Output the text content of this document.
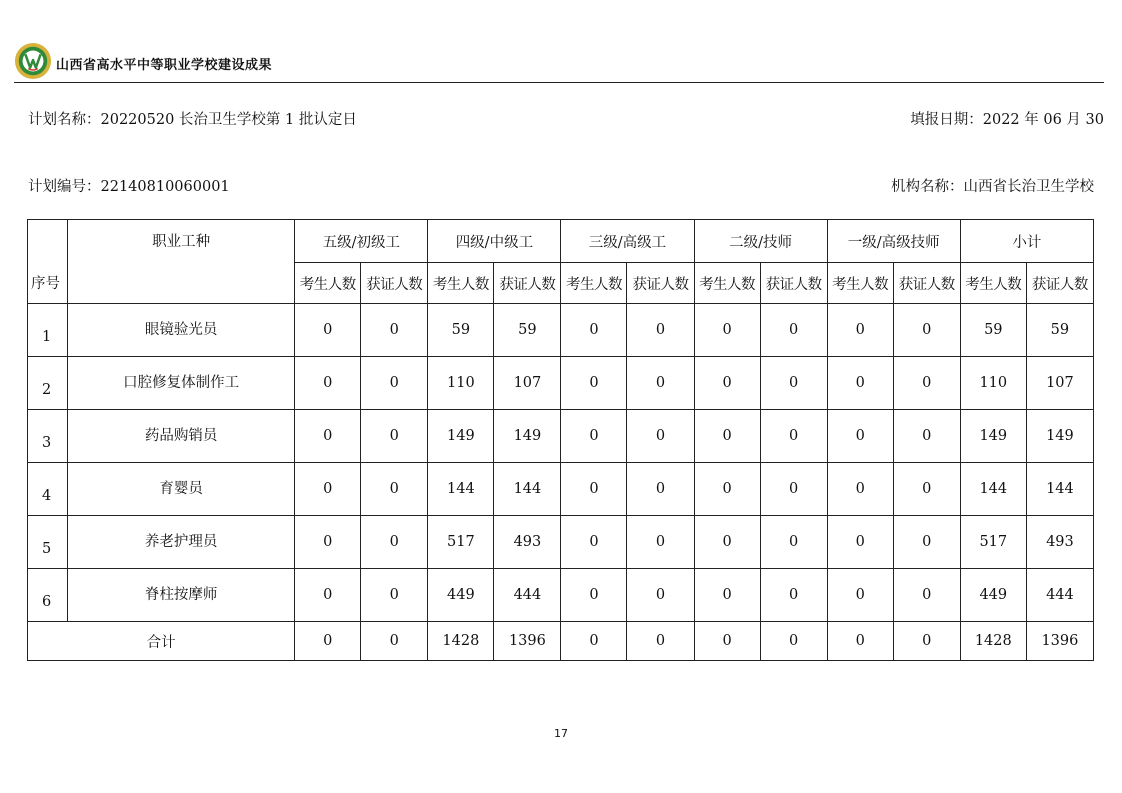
山西省高水平中等职业学校建设成果
计划名称：20220520 长治卫生学校第 1 批认定日	填报日期：2022 年 06 月 30
计划编号：22140810060001	机构名称：山西省长治卫生学校
序号	职业工种	五级/初级工		四级/中级工		三级/高级工		二级/技师		一级/高级技师		小计	
		考生人数	获证人数	考生人数	获证人数	考生人数	获证人数	考生人数	获证人数	考生人数	获证人数	考生人数	获证人数
1	眼镜验光员	0	0	59	59	0	0	0	0	0	0	59	59
2	口腔修复体制作工	0	0	110	107	0	0	0	0	0	0	110	107
3	药品购销员	0	0	149	149	0	0	0	0	0	0	149	149
4	育婴员	0	0	144	144	0	0	0	0	0	0	144	144
5	养老护理员	0	0	517	493	0	0	0	0	0	0	517	493
6	脊柱按摩师	0	0	449	444	0	0	0	0	0	0	449	444
合计		0	0	1428	1396	0	0	0	0	0	0	1428	1396
17
